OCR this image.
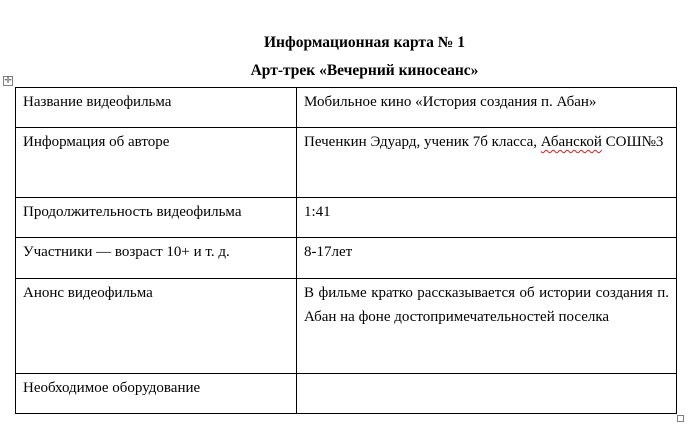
Информационная карта № 1
Арт-трек «Вечерний киносеанс»
✛
Название видеофильма	Мобильное кино «История создания п. Абан»
Информация об авторе	Печенкин Эдуард, ученик 7б класса, Абанской СОШ№3
Продолжительность видеофильма	1:41
Участники — возраст 10+ и т. д.	8-17лет
Анонс видеофильма	В фильме кратко рассказывается об истории создания п. Абан на фоне достопримечательностей поселка
Необходимое оборудование	
